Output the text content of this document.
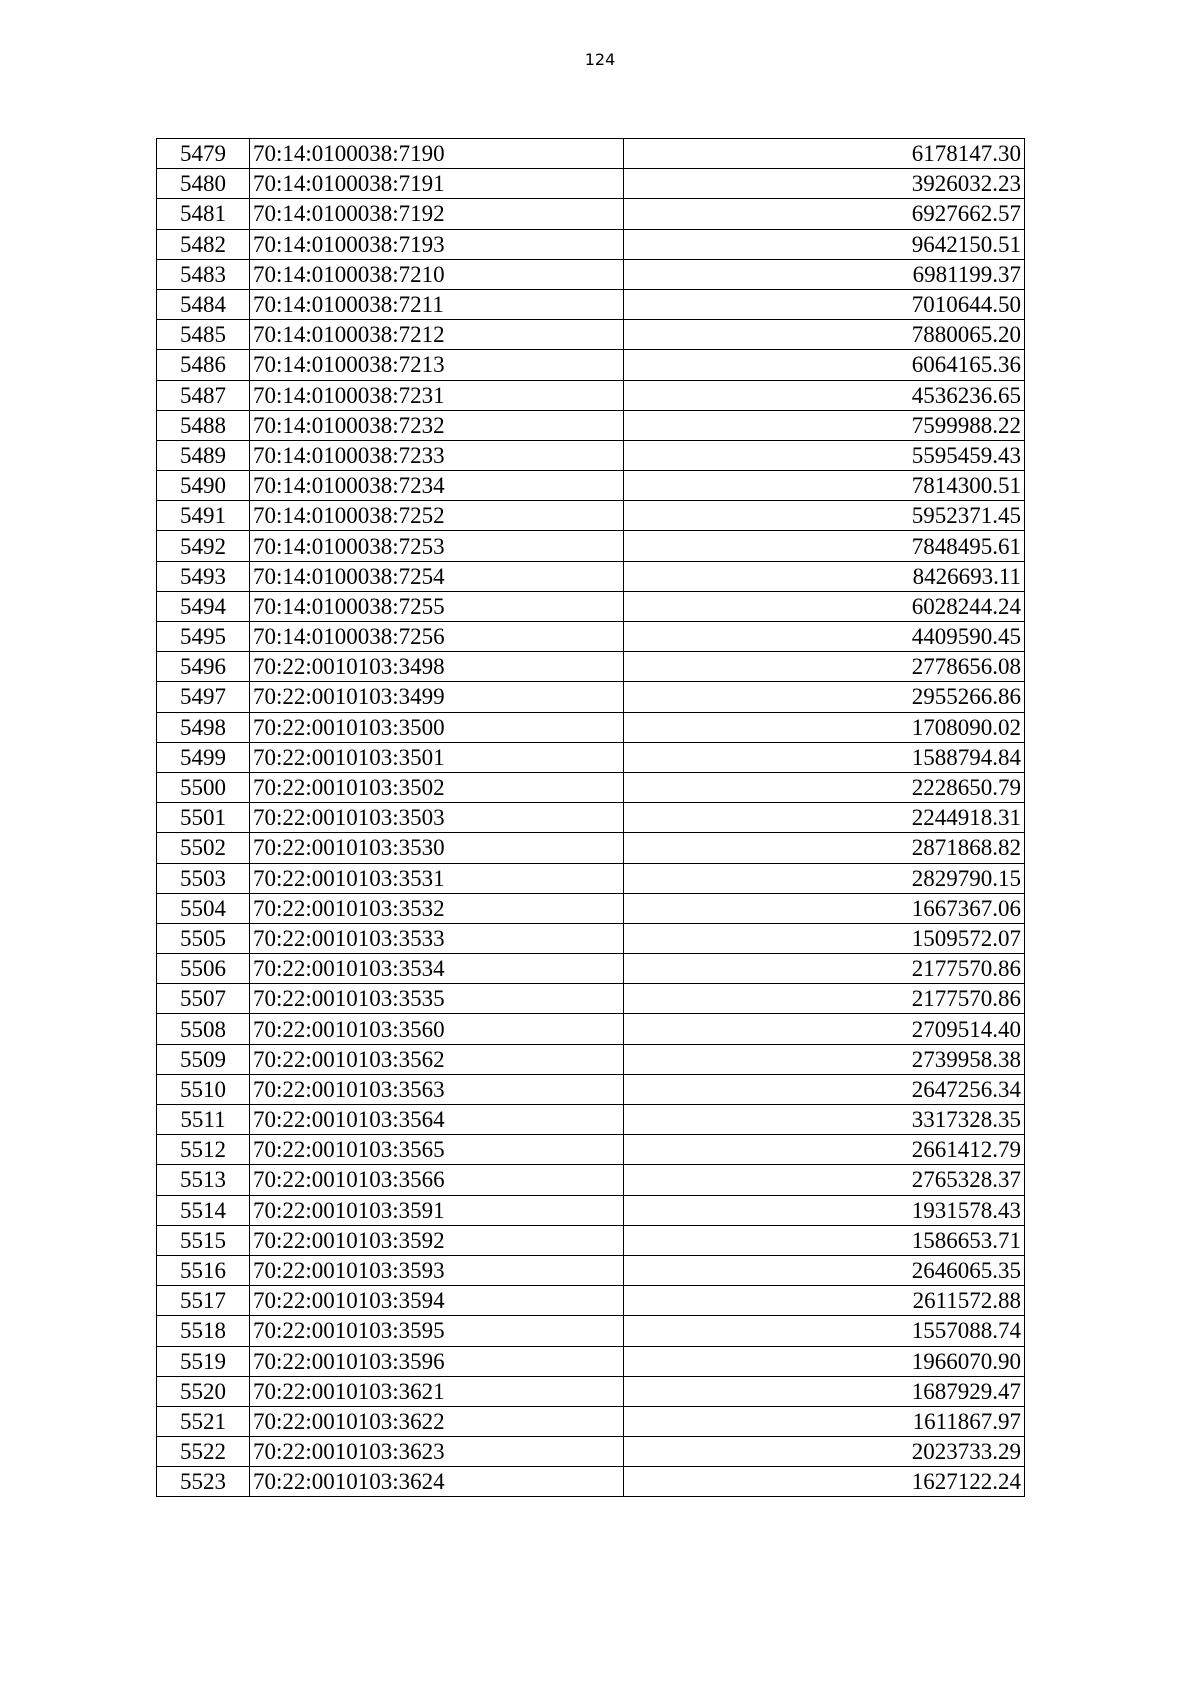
124
5479	70:14:0100038:7190	6178147.30
5480	70:14:0100038:7191	3926032.23
5481	70:14:0100038:7192	6927662.57
5482	70:14:0100038:7193	9642150.51
5483	70:14:0100038:7210	6981199.37
5484	70:14:0100038:7211	7010644.50
5485	70:14:0100038:7212	7880065.20
5486	70:14:0100038:7213	6064165.36
5487	70:14:0100038:7231	4536236.65
5488	70:14:0100038:7232	7599988.22
5489	70:14:0100038:7233	5595459.43
5490	70:14:0100038:7234	7814300.51
5491	70:14:0100038:7252	5952371.45
5492	70:14:0100038:7253	7848495.61
5493	70:14:0100038:7254	8426693.11
5494	70:14:0100038:7255	6028244.24
5495	70:14:0100038:7256	4409590.45
5496	70:22:0010103:3498	2778656.08
5497	70:22:0010103:3499	2955266.86
5498	70:22:0010103:3500	1708090.02
5499	70:22:0010103:3501	1588794.84
5500	70:22:0010103:3502	2228650.79
5501	70:22:0010103:3503	2244918.31
5502	70:22:0010103:3530	2871868.82
5503	70:22:0010103:3531	2829790.15
5504	70:22:0010103:3532	1667367.06
5505	70:22:0010103:3533	1509572.07
5506	70:22:0010103:3534	2177570.86
5507	70:22:0010103:3535	2177570.86
5508	70:22:0010103:3560	2709514.40
5509	70:22:0010103:3562	2739958.38
5510	70:22:0010103:3563	2647256.34
5511	70:22:0010103:3564	3317328.35
5512	70:22:0010103:3565	2661412.79
5513	70:22:0010103:3566	2765328.37
5514	70:22:0010103:3591	1931578.43
5515	70:22:0010103:3592	1586653.71
5516	70:22:0010103:3593	2646065.35
5517	70:22:0010103:3594	2611572.88
5518	70:22:0010103:3595	1557088.74
5519	70:22:0010103:3596	1966070.90
5520	70:22:0010103:3621	1687929.47
5521	70:22:0010103:3622	1611867.97
5522	70:22:0010103:3623	2023733.29
5523	70:22:0010103:3624	1627122.24
